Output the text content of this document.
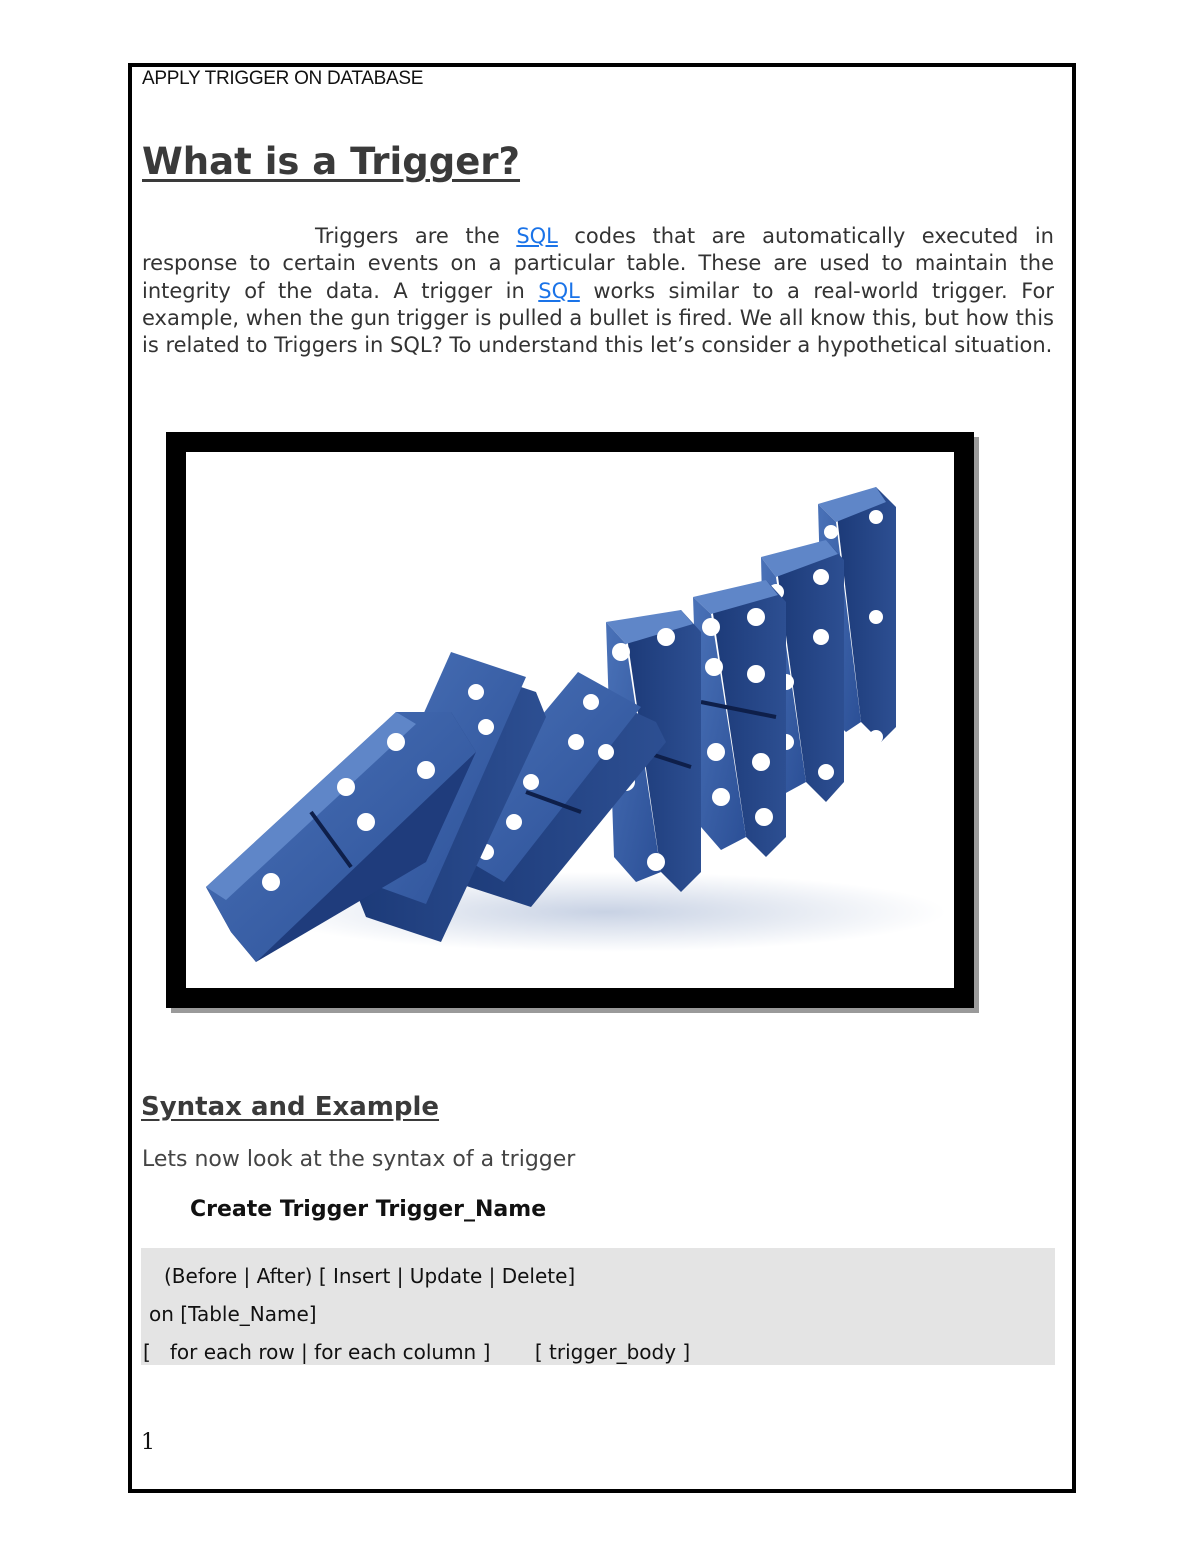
APPLY TRIGGER ON DATABASE
What is a Trigger?

Triggers are the SQL codes that are automatically executed in response to certain events on a particular table. These are used to maintain the integrity of the data. A trigger in SQL works similar to a real-world trigger. For example, when the gun trigger is pulled a bullet is fired. We all know this, but how this is related to Triggers in SQL? To understand this let’s consider a hypothetical situation.

Syntax and Example
Lets now look at the syntax of a trigger
Create Trigger Trigger_Name
(Before | After) [ Insert | Update | Delete]
on [Table_Name]
[   for each row | for each column ]       [ trigger_body ]
1
